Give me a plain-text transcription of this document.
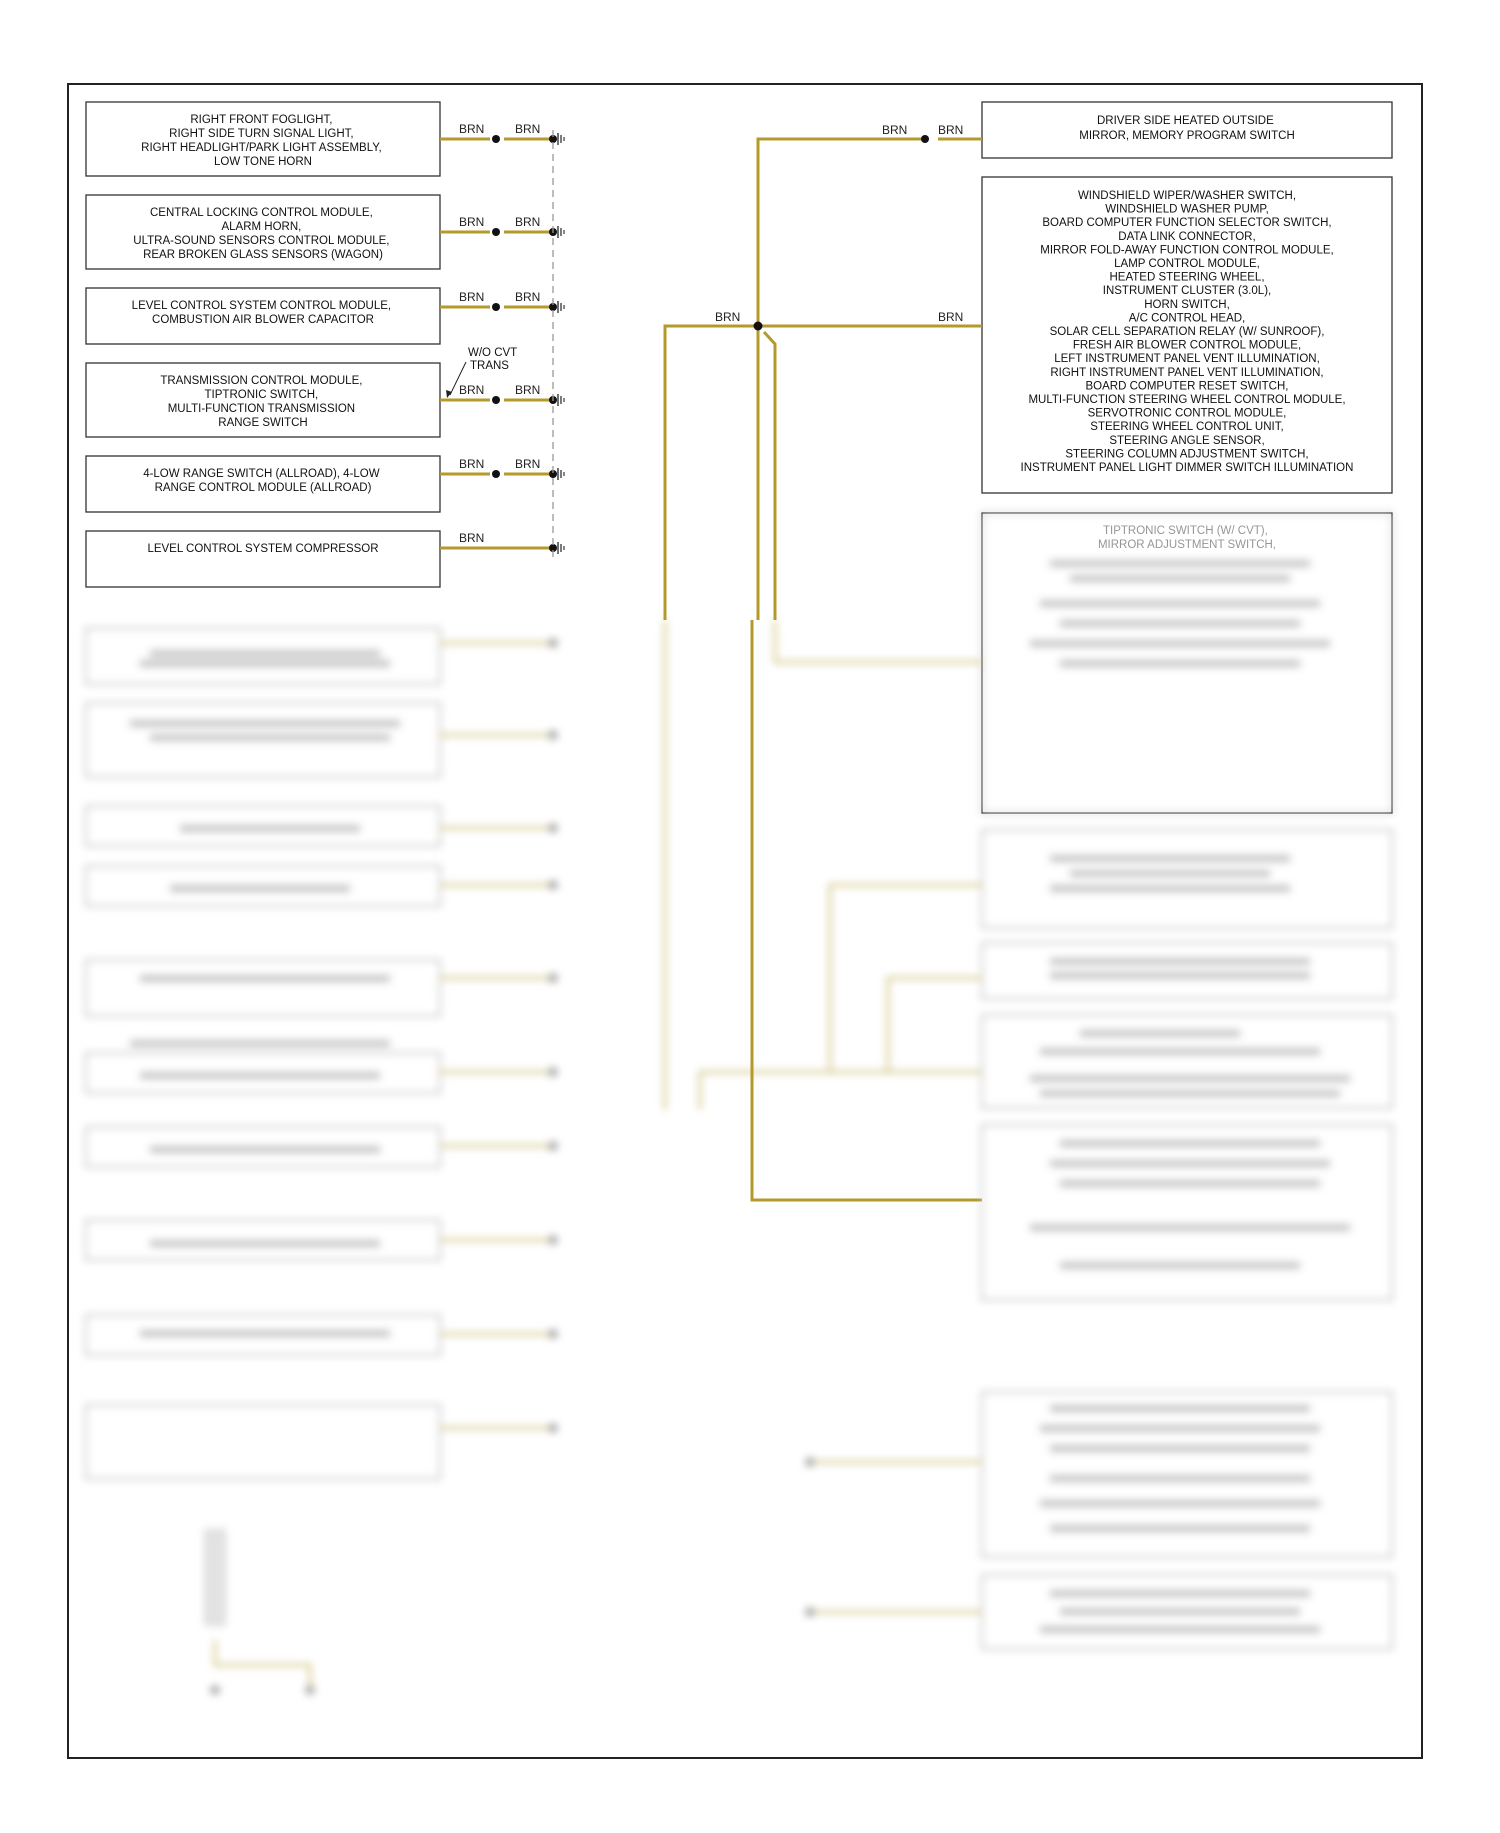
RIGHT FRONT FOGLIGHT, RIGHT SIDE TURN SIGNAL LIGHT, RIGHT HEADLIGHT/PARK LIGHT ASSEMBLY, LOW TONE HORN
CENTRAL LOCKING CONTROL MODULE, ALARM HORN, ULTRA-SOUND SENSORS CONTROL MODULE, REAR BROKEN GLASS SENSORS (WAGON)
LEVEL CONTROL SYSTEM CONTROL MODULE, COMBUSTION AIR BLOWER CAPACITOR
TRANSMISSION CONTROL MODULE, TIPTRONIC SWITCH, MULTI-FUNCTION TRANSMISSION RANGE SWITCH
4-LOW RANGE SWITCH (ALLROAD), 4-LOW RANGE CONTROL MODULE (ALLROAD)
LEVEL CONTROL SYSTEM COMPRESSOR
BRN	BRN
BRN	BRN
BRN	BRN
BRN	BRN
BRN	BRN
BRN
W/O CVT
TRANS
DRIVER SIDE HEATED OUTSIDE MIRROR, MEMORY PROGRAM SWITCH
WINDSHIELD WIPER/WASHER SWITCH, WINDSHIELD WASHER PUMP, BOARD COMPUTER FUNCTION SELECTOR SWITCH, DATA LINK CONNECTOR, MIRROR FOLD-AWAY FUNCTION CONTROL MODULE, LAMP CONTROL MODULE, HEATED STEERING WHEEL, INSTRUMENT CLUSTER (3.0L), HORN SWITCH, A/C CONTROL HEAD, SOLAR CELL SEPARATION RELAY (W/ SUNROOF), FRESH AIR BLOWER CONTROL MODULE, LEFT INSTRUMENT PANEL VENT ILLUMINATION, RIGHT INSTRUMENT PANEL VENT ILLUMINATION, BOARD COMPUTER RESET SWITCH, MULTI-FUNCTION STEERING WHEEL CONTROL MODULE, SERVOTRONIC CONTROL MODULE, STEERING WHEEL CONTROL UNIT, STEERING ANGLE SENSOR, STEERING COLUMN ADJUSTMENT SWITCH, INSTRUMENT PANEL LIGHT DIMMER SWITCH ILLUMINATION
BRN	BRN
BRN	BRN
